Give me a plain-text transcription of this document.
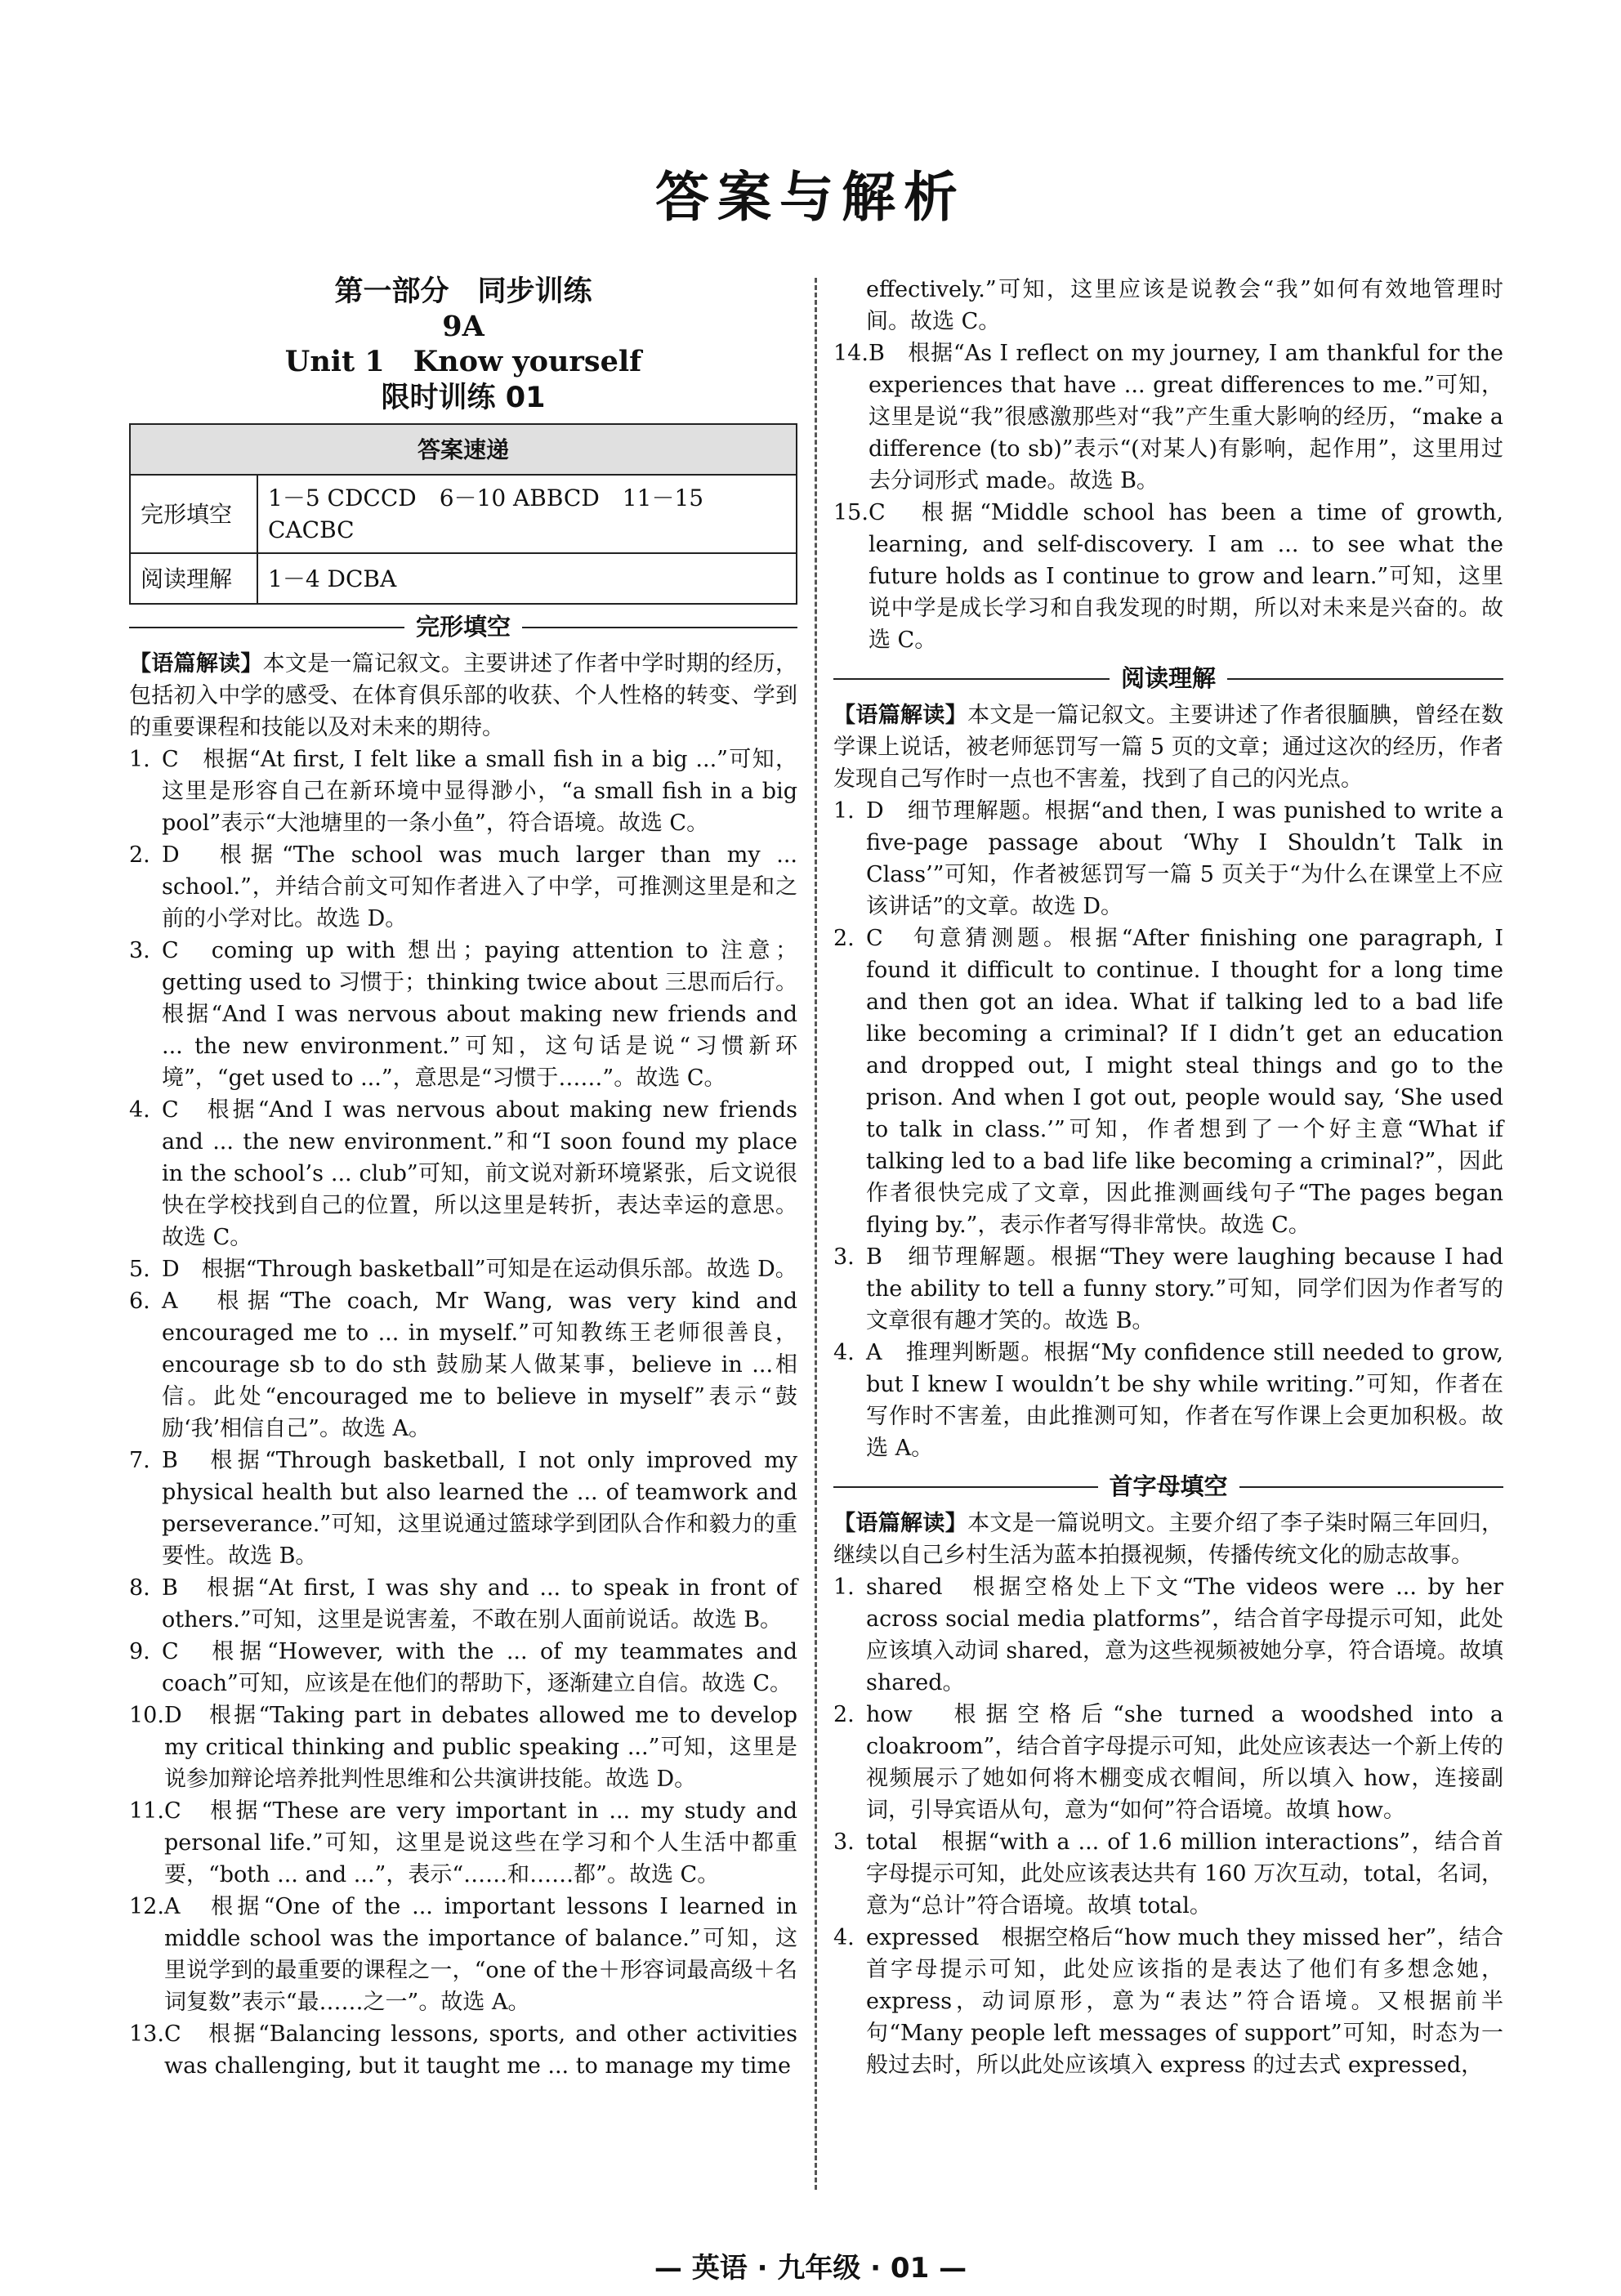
答案与解析
第一部分　同步训练
9A
Unit 1　Know yourself
限时训练 01
答案速递	
完形填空	1－5 CDCCD　6－10 ABBCD　11－15 CACBC
阅读理解	1－4 DCBA
完形填空

【语篇解读】本文是一篇记叙文。主要讲述了作者中学时期的经历，包括初入中学的感受、在体育俱乐部的收获、个人性格的转变、学到的重要课程和技能以及对未来的期待。

1. C　根据“At first, I felt like a small fish in a big ...”可知，这里是形容自己在新环境中显得渺小，“a small fish in a big pool”表示“大池塘里的一条小鱼”，符合语境。故选 C。
2. D　根据“The school was much larger than my ... school.”，并结合前文可知作者进入了中学，可推测这里是和之前的小学对比。故选 D。
3. C　coming up with 想出；paying attention to 注意；getting used to 习惯于；thinking twice about 三思而后行。根据“And I was nervous about making new friends and ... the new environment.”可知，这句话是说“习惯新环境”，“get used to ...”，意思是“习惯于……”。故选 C。
4. C　根据“And I was nervous about making new friends and ... the new environment.”和“I soon found my place in the school’s ... club”可知，前文说对新环境紧张，后文说很快在学校找到自己的位置，所以这里是转折，表达幸运的意思。故选 C。
5. D　根据“Through basketball”可知是在运动俱乐部。故选 D。
6. A　根据“The coach, Mr Wang, was very kind and encouraged me to ... in myself.”可知教练王老师很善良，encourage sb to do sth 鼓励某人做某事，believe in ...相信。此处“encouraged me to believe in myself”表示“鼓励‘我’相信自己”。故选 A。
7. B　根据“Through basketball, I not only improved my physical health but also learned the ... of teamwork and perseverance.”可知，这里说通过篮球学到团队合作和毅力的重要性。故选 B。
8. B　根据“At first, I was shy and ... to speak in front of others.”可知，这里是说害羞，不敢在别人面前说话。故选 B。
9. C　根据“However, with the ... of my teammates and coach”可知，应该是在他们的帮助下，逐渐建立自信。故选 C。
10. D　根据“Taking part in debates allowed me to develop my critical thinking and public speaking ...”可知，这里是说参加辩论培养批判性思维和公共演讲技能。故选 D。
11. C　根据“These are very important in ... my study and personal life.”可知，这里是说这些在学习和个人生活中都重要，“both ... and ...”，表示“……和……都”。故选 C。
12. A　根据“One of the ... important lessons I learned in middle school was the importance of balance.”可知，这里说学到的最重要的课程之一，“one of the＋形容词最高级＋名词复数”表示“最……之一”。故选 A。
13. C　根据“Balancing lessons, sports, and other activities was challenging, but it taught me ... to manage my time
effectively.”可知，这里应该是说教会“我”如何有效地管理时间。故选 C。
14. B　根据“As I reflect on my journey, I am thankful for the experiences that have ... great differences to me.”可知，这里是说“我”很感激那些对“我”产生重大影响的经历，“make a difference (to sb)”表示“(对某人)有影响，起作用”，这里用过去分词形式 made。故选 B。
15. C　根据“Middle school has been a time of growth, learning, and self-discovery. I am ... to see what the future holds as I continue to grow and learn.”可知，这里说中学是成长学习和自我发现的时期，所以对未来是兴奋的。故选 C。
阅读理解

【语篇解读】本文是一篇记叙文。主要讲述了作者很腼腆，曾经在数学课上说话，被老师惩罚写一篇 5 页的文章；通过这次的经历，作者发现自己写作时一点也不害羞，找到了自己的闪光点。

1. D　细节理解题。根据“and then, I was punished to write a five-page passage about ‘Why I Shouldn’t Talk in Class’”可知，作者被惩罚写一篇 5 页关于“为什么在课堂上不应该讲话”的文章。故选 D。
2. C　句意猜测题。根据“After finishing one paragraph, I found it difficult to continue. I thought for a long time and then got an idea. What if talking led to a bad life like becoming a criminal? If I didn’t get an education and dropped out, I might steal things and go to the prison. And when I got out, people would say, ‘She used to talk in class.’”可知，作者想到了一个好主意“What if talking led to a bad life like becoming a criminal?”，因此作者很快完成了文章，因此推测画线句子“The pages began flying by.”，表示作者写得非常快。故选 C。
3. B　细节理解题。根据“They were laughing because I had the ability to tell a funny story.”可知，同学们因为作者写的文章很有趣才笑的。故选 B。
4. A　推理判断题。根据“My confidence still needed to grow, but I knew I wouldn’t be shy while writing.”可知，作者在写作时不害羞，由此推测可知，作者在写作课上会更加积极。故选 A。
首字母填空

【语篇解读】本文是一篇说明文。主要介绍了李子柒时隔三年回归，继续以自己乡村生活为蓝本拍摄视频，传播传统文化的励志故事。

1. shared　根据空格处上下文“The videos were ... by her across social media platforms”，结合首字母提示可知，此处应该填入动词 shared，意为这些视频被她分享，符合语境。故填 shared。
2. how　根据空格后“she turned a woodshed into a cloakroom”，结合首字母提示可知，此处应该表达一个新上传的视频展示了她如何将木棚变成衣帽间，所以填入 how，连接副词，引导宾语从句，意为“如何”符合语境。故填 how。
3. total　根据“with a ... of 1.6 million interactions”，结合首字母提示可知，此处应该表达共有 160 万次互动，total，名词，意为“总计”符合语境。故填 total。
4. expressed　根据空格后“how much they missed her”，结合首字母提示可知，此处应该指的是表达了他们有多想念她，express，动词原形，意为“表达”符合语境。又根据前半句“Many people left messages of support”可知，时态为一般过去时，所以此处应该填入 express 的过去式 expressed，
— 英语 · 九年级 · 01 —
